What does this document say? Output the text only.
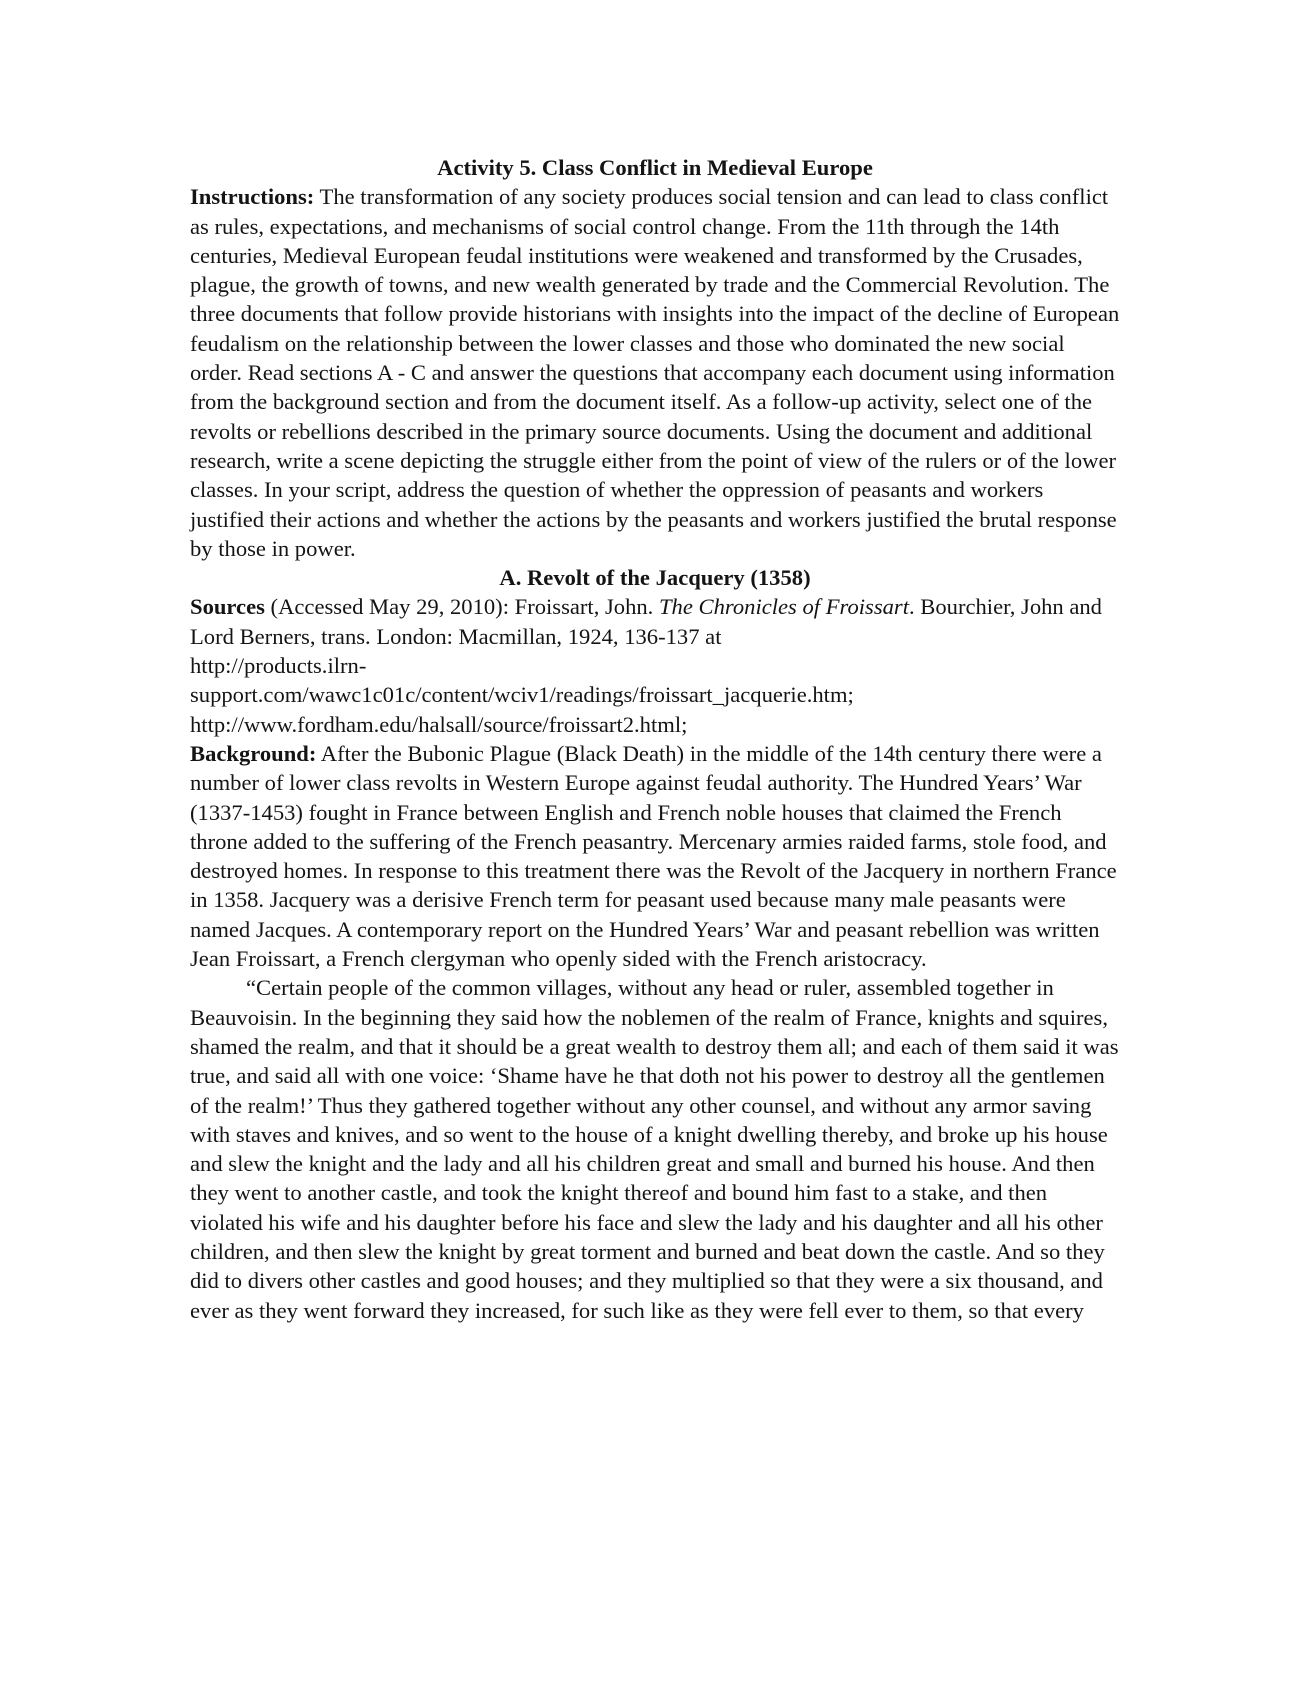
Activity 5. Class Conflict in Medieval Europe

Instructions: The transformation of any society produces social tension and can lead to class conflict as rules, expectations, and mechanisms of social control change. From the 11th through the 14th centuries, Medieval European feudal institutions were weakened and transformed by the Crusades, plague, the growth of towns, and new wealth generated by trade and the Commercial Revolution. The three documents that follow provide historians with insights into the impact of the decline of European feudalism on the relationship between the lower classes and those who dominated the new social order. Read sections A - C and answer the questions that accompany each document using information from the background section and from the document itself. As a follow-up activity, select one of the revolts or rebellions described in the primary source documents. Using the document and additional research, write a scene depicting the struggle either from the point of view of the rulers or of the lower classes. In your script, address the question of whether the oppression of peasants and workers justified their actions and whether the actions by the peasants and workers justified the brutal response by those in power.

A. Revolt of the Jacquery (1358)

Sources (Accessed May 29, 2010): Froissart, John. The Chronicles of Froissart. Bourchier, John and Lord Berners, trans. London: Macmillan, 1924, 136-137 at
http://products.ilrn-
support.com/wawc1c01c/content/wciv1/readings/froissart_jacquerie.htm;
http://www.fordham.edu/halsall/source/froissart2.html;

Background: After the Bubonic Plague (Black Death) in the middle of the 14th century there were a number of lower class revolts in Western Europe against feudal authority. The Hundred Years’ War (1337-1453) fought in France between English and French noble houses that claimed the French throne added to the suffering of the French peasantry. Mercenary armies raided farms, stole food, and destroyed homes. In response to this treatment there was the Revolt of the Jacquery in northern France in 1358. Jacquery was a derisive French term for peasant used because many male peasants were named Jacques. A contemporary report on the Hundred Years’ War and peasant rebellion was written Jean Froissart, a French clergyman who openly sided with the French aristocracy.

“Certain people of the common villages, without any head or ruler, assembled together in Beauvoisin. In the beginning they said how the noblemen of the realm of France, knights and squires, shamed the realm, and that it should be a great wealth to destroy them all; and each of them said it was true, and said all with one voice: ‘Shame have he that doth not his power to destroy all the gentlemen of the realm!’ Thus they gathered together without any other counsel, and without any armor saving with staves and knives, and so went to the house of a knight dwelling thereby, and broke up his house and slew the knight and the lady and all his children great and small and burned his house. And then they went to another castle, and took the knight thereof and bound him fast to a stake, and then violated his wife and his daughter before his face and slew the lady and his daughter and all his other children, and then slew the knight by great torment and burned and beat down the castle. And so they did to divers other castles and good houses; and they multiplied so that they were a six thousand, and ever as they went forward they increased, for such like as they were fell ever to them, so that every
